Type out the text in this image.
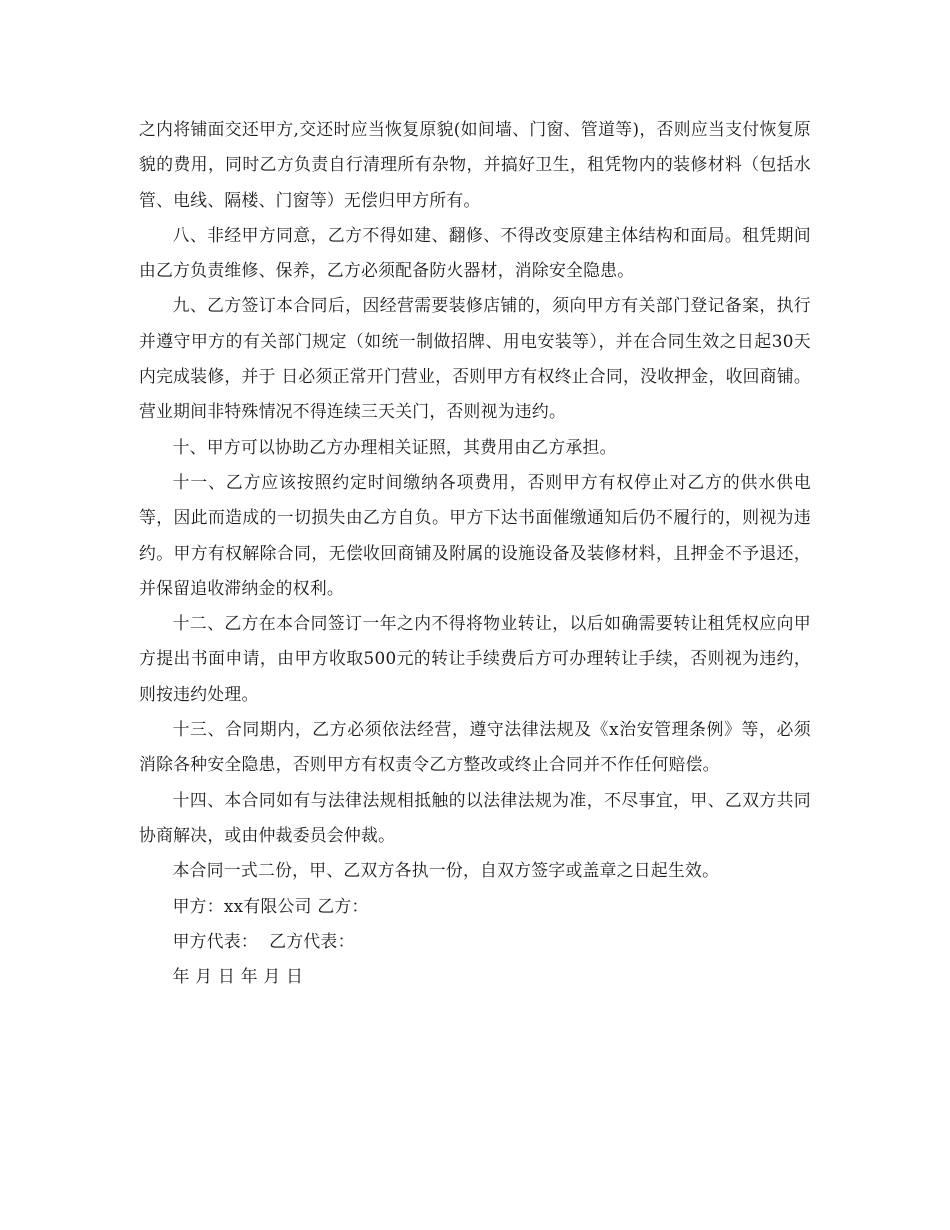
之内将铺面交还甲方,交还时应当恢复原貌(如间墙、门窗、管道等)，否则应当支付恢复原貌的费用，同时乙方负责自行清理所有杂物，并搞好卫生，租凭物内的装修材料（包括水管、电线、隔楼、门窗等）无偿归甲方所有。

八、非经甲方同意，乙方不得如建、翻修、不得改变原建主体结构和面局。租凭期间由乙方负责维修、保养，乙方必须配备防火器材，消除安全隐患。

九、乙方签订本合同后，因经营需要装修店铺的，须向甲方有关部门登记备案，执行并遵守甲方的有关部门规定（如统一制做招牌、用电安装等），并在合同生效之日起30天内完成装修，并于 日必须正常开门营业，否则甲方有权终止合同，没收押金，收回商铺。营业期间非特殊情况不得连续三天关门，否则视为违约。

十、甲方可以协助乙方办理相关证照，其费用由乙方承担。

十一、乙方应该按照约定时间缴纳各项费用，否则甲方有权停止对乙方的供水供电等，因此而造成的一切损失由乙方自负。甲方下达书面催缴通知后仍不履行的，则视为违约。甲方有权解除合同，无偿收回商铺及附属的设施设备及装修材料，且押金不予退还，并保留追收滞纳金的权利。

十二、乙方在本合同签订一年之内不得将物业转让，以后如确需要转让租凭权应向甲方提出书面申请，由甲方收取500元的转让手续费后方可办理转让手续，否则视为违约，则按违约处理。

十三、合同期内，乙方必须依法经营，遵守法律法规及《x治安管理条例》等，必须消除各种安全隐患，否则甲方有权责令乙方整改或终止合同并不作任何赔偿。

十四、本合同如有与法律法规相抵触的以法律法规为准，不尽事宜，甲、乙双方共同协商解决，或由仲裁委员会仲裁。

本合同一式二份，甲、乙双方各执一份，自双方签字或盖章之日起生效。

甲方：xx有限公司 乙方：

甲方代表：  乙方代表：

年 月 日 年 月 日
